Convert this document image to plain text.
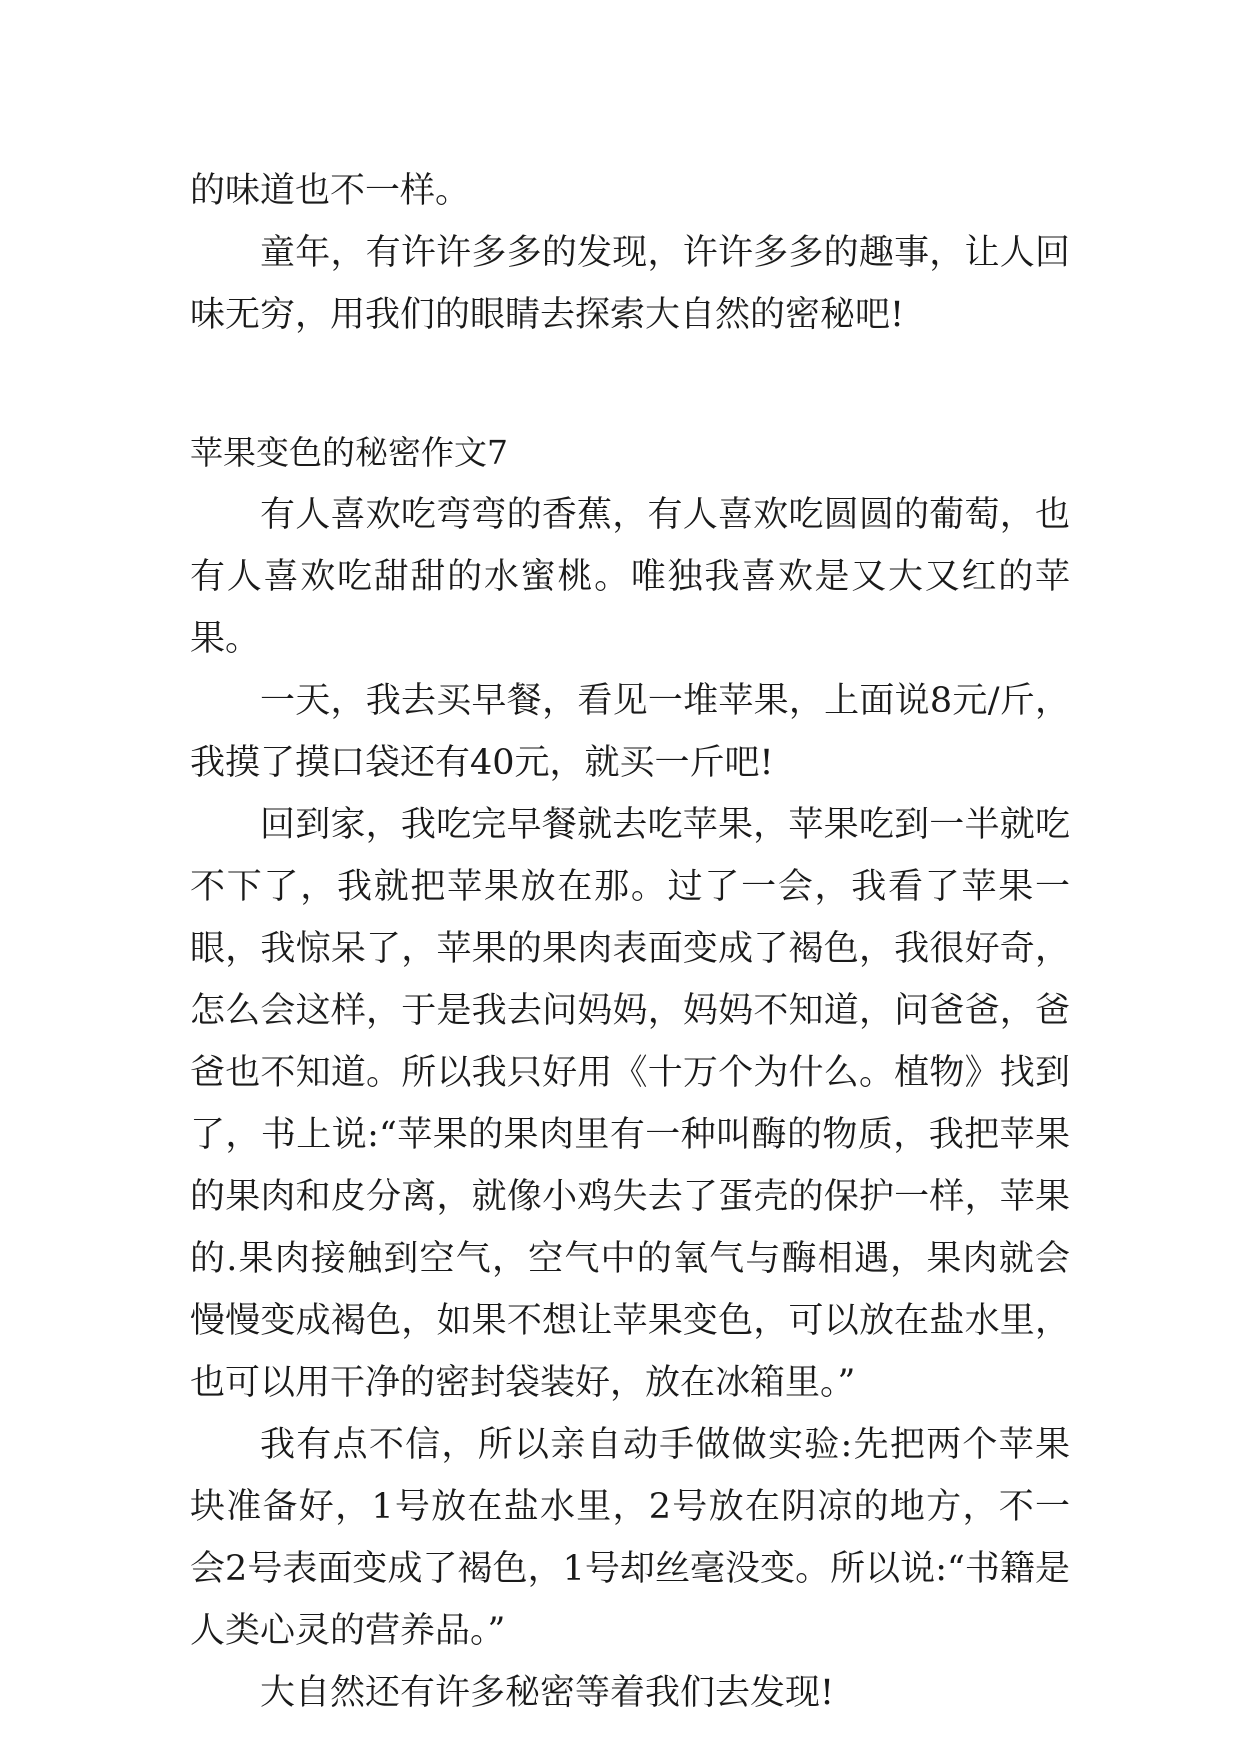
的味道也不一样。

童年，有许许多多的发现，许许多多的趣事，让人回味无穷，用我们的眼睛去探索大自然的密秘吧!

苹果变色的秘密作文7

有人喜欢吃弯弯的香蕉，有人喜欢吃圆圆的葡萄，也有人喜欢吃甜甜的水蜜桃。唯独我喜欢是又大又红的苹果。

一天，我去买早餐，看见一堆苹果，上面说8元/斤，我摸了摸口袋还有40元，就买一斤吧!

回到家，我吃完早餐就去吃苹果，苹果吃到一半就吃不下了，我就把苹果放在那。过了一会，我看了苹果一眼，我惊呆了，苹果的果肉表面变成了褐色，我很好奇，怎么会这样，于是我去问妈妈，妈妈不知道，问爸爸，爸爸也不知道。所以我只好用《十万个为什么。植物》找到了，书上说:“苹果的果肉里有一种叫酶的物质，我把苹果的果肉和皮分离，就像小鸡失去了蛋壳的保护一样，苹果的.果肉接触到空气，空气中的氧气与酶相遇，果肉就会慢慢变成褐色，如果不想让苹果变色，可以放在盐水里，也可以用干净的密封袋装好，放在冰箱里。”

我有点不信，所以亲自动手做做实验:先把两个苹果块准备好，1号放在盐水里，2号放在阴凉的地方，不一会2号表面变成了褐色，1号却丝毫没变。所以说:“书籍是人类心灵的营养品。”

大自然还有许多秘密等着我们去发现!
